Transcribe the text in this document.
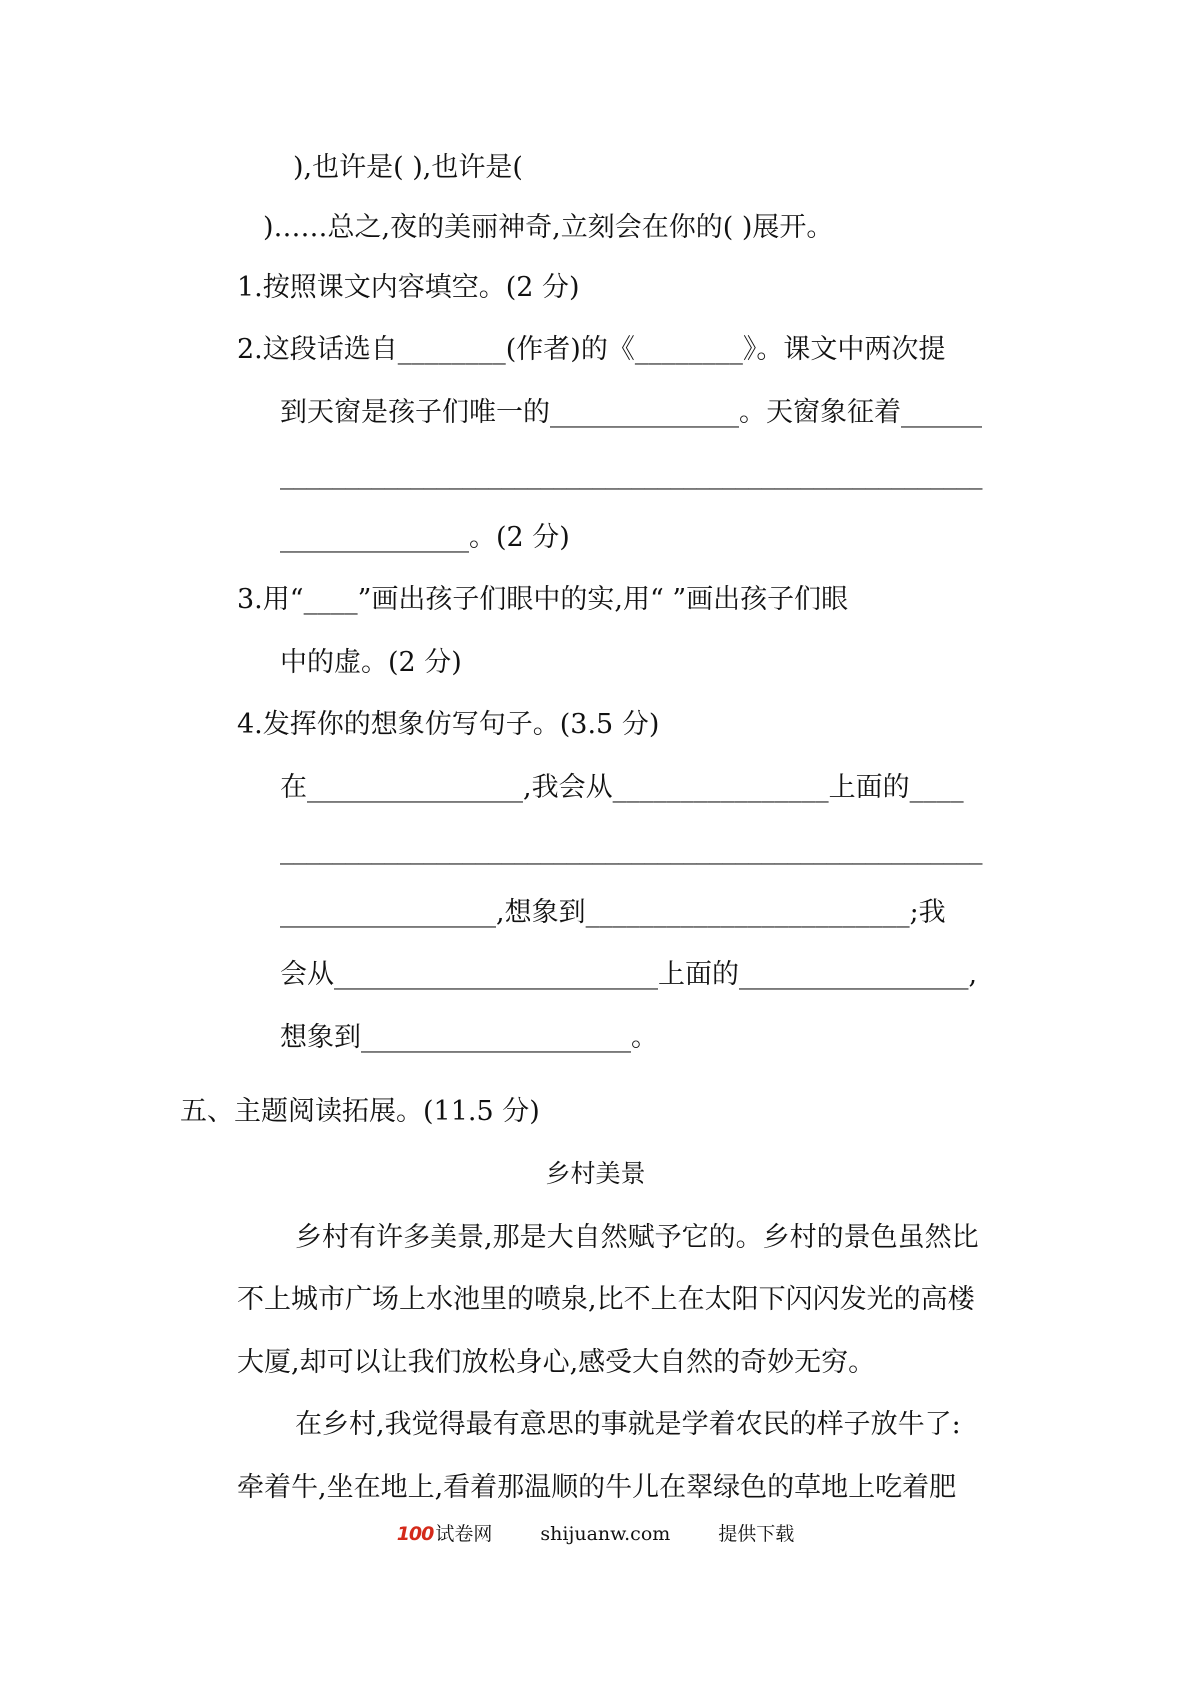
),也许是( ),也许是(
)……总之,夜的美丽神奇,立刻会在你的( )展开。
1.按照课文内容填空。(2 分)
2.这段话选自________(作者)的《________》。课文中两次提
到天窗是孩子们唯一的______________。天窗象征着______
______________________________________________________
______________。(2 分)
3.用“____”画出孩子们眼中的实,用“ ”画出孩子们眼
中的虚。(2 分)
4.发挥你的想象仿写句子。(3.5 分)
在________________,我会从________________上面的____
______________________________________________________
________________,想象到________________________;我
会从________________________上面的_________________,
想象到____________________。
五、主题阅读拓展。(11.5 分)
乡村美景
乡村有许多美景,那是大自然赋予它的。乡村的景色虽然比
不上城市广场上水池里的喷泉,比不上在太阳下闪闪发光的高楼
大厦,却可以让我们放松身心,感受大自然的奇妙无穷。
在乡村,我觉得最有意思的事就是学着农民的样子放牛了:
牵着牛,坐在地上,看着那温顺的牛儿在翠绿色的草地上吃着肥
100 试卷网	shijuanw.com	提供下载
